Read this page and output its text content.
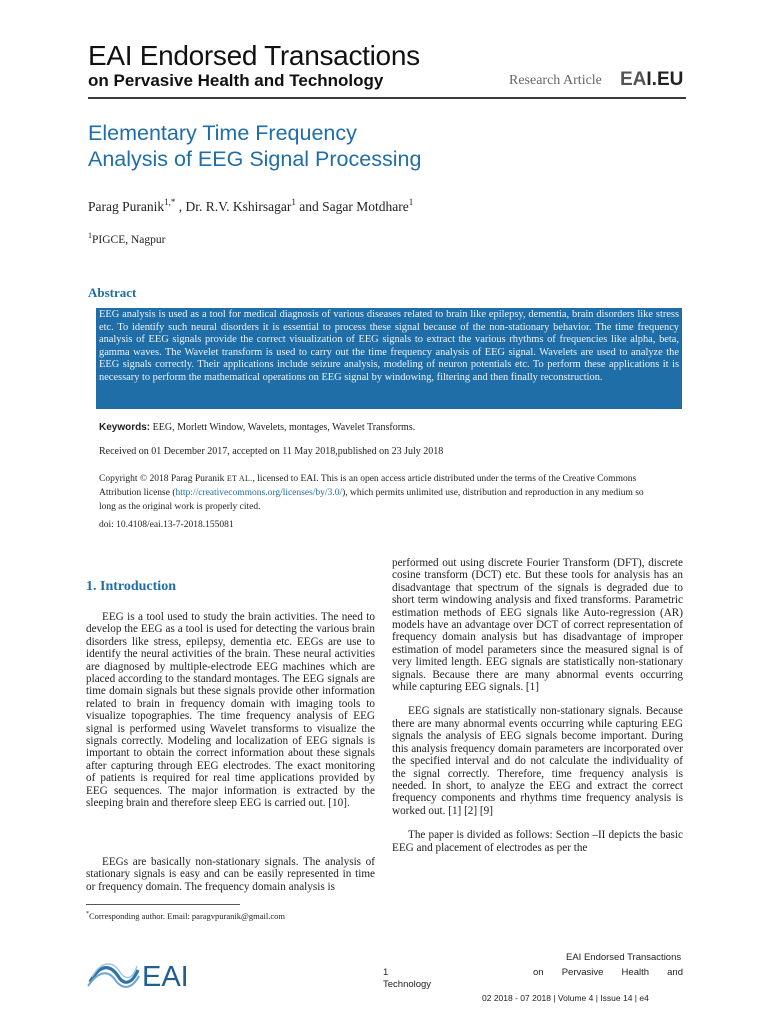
EAI Endorsed Transactions
on Pervasive Health and Technology	Research Article EAI.EU
Elementary Time Frequency
Analysis of EEG Signal Processing
Parag Puranik$^{1,*}$ , Dr. R.V. Kshirsagar$^1$ and Sagar Motdhare$^1$
$^1$PIGCE, Nagpur
Abstract
EEG analysis is used as a tool for medical diagnosis of various diseases related to brain like epilepsy, dementia, brain disorders like stress etc. To identify such neural disorders it is essential to process these signal because of the non-stationary behavior. The time frequency analysis of EEG signals provide the correct visualization of EEG signals to extract the various rhythms of frequencies like alpha, beta, gamma waves. The Wavelet transform is used to carry out the time frequency analysis of EEG signal. Wavelets are used to analyze the EEG signals correctly. Their applications include seizure analysis, modeling of neuron potentials etc. To perform these applications it is necessary to perform the mathematical operations on EEG signal by windowing, filtering and then finally reconstruction.
Keywords: EEG, Morlett Window, Wavelets, montages, Wavelet Transforms.
Received on 01 December 2017, accepted on 11 May 2018,published on 23 July 2018
Copyright © 2018 Parag Puranik ET AL., licensed to EAI. This is an open access article distributed under the terms of the Creative Commons Attribution license (http://creativecommons.org/licenses/by/3.0/), which permits unlimited use, distribution and reproduction in any medium so long as the original work is properly cited.
doi: 10.4108/eai.13-7-2018.155081
1. Introduction

EEG is a tool used to study the brain activities. The need to develop the EEG as a tool is used for detecting the various brain disorders like stress, epilepsy, dementia etc. EEGs are use to identify the neural activities of the brain. These neural activities are diagnosed by multiple-electrode EEG machines which are placed according to the standard montages. The EEG signals are time domain signals but these signals provide other information related to brain in frequency domain with imaging tools to visualize topographies. The time frequency analysis of EEG signal is performed using Wavelet transforms to visualize the signals correctly. Modeling and localization of EEG signals is important to obtain the correct information about these signals after capturing through EEG electrodes. The exact monitoring of patients is required for real time applications provided by EEG sequences. The major information is extracted by the sleeping brain and therefore sleep EEG is carried out. [10].

EEGs are basically non-stationary signals. The analysis of stationary signals is easy and can be easily represented in time or frequency domain. The frequency domain analysis is

performed out using discrete Fourier Transform (DFT), discrete cosine transform (DCT) etc. But these tools for analysis has an disadvantage that spectrum of the signals is degraded due to short term windowing analysis and fixed transforms. Parametric estimation methods of EEG signals like Auto-regression (AR) models have an advantage over DCT of correct representation of frequency domain analysis but has disadvantage of improper estimation of model parameters since the measured signal is of very limited length. EEG signals are statistically non-stationary signals. Because there are many abnormal events occurring while capturing EEG signals. [1]

EEG signals are statistically non-stationary signals. Because there are many abnormal events occurring while capturing EEG signals the analysis of EEG signals become important. During this analysis frequency domain parameters are incorporated over the specified interval and do not calculate the individuality of the signal correctly. Therefore, time frequency analysis is needed. In short, to analyze the EEG and extract the correct frequency components and rhythms time frequency analysis is worked out. [1] [2] [9]

The paper is divided as follows: Section –II depicts the basic EEG and placement of electrodes as per the

*Corresponding author. Email: paragvpuranik@gmail.com
EAI
EAI Endorsed Transactions
1	on Pervasive Health and
Technology
02 2018 - 07 2018 | Volume 4 | Issue 14 | e4
